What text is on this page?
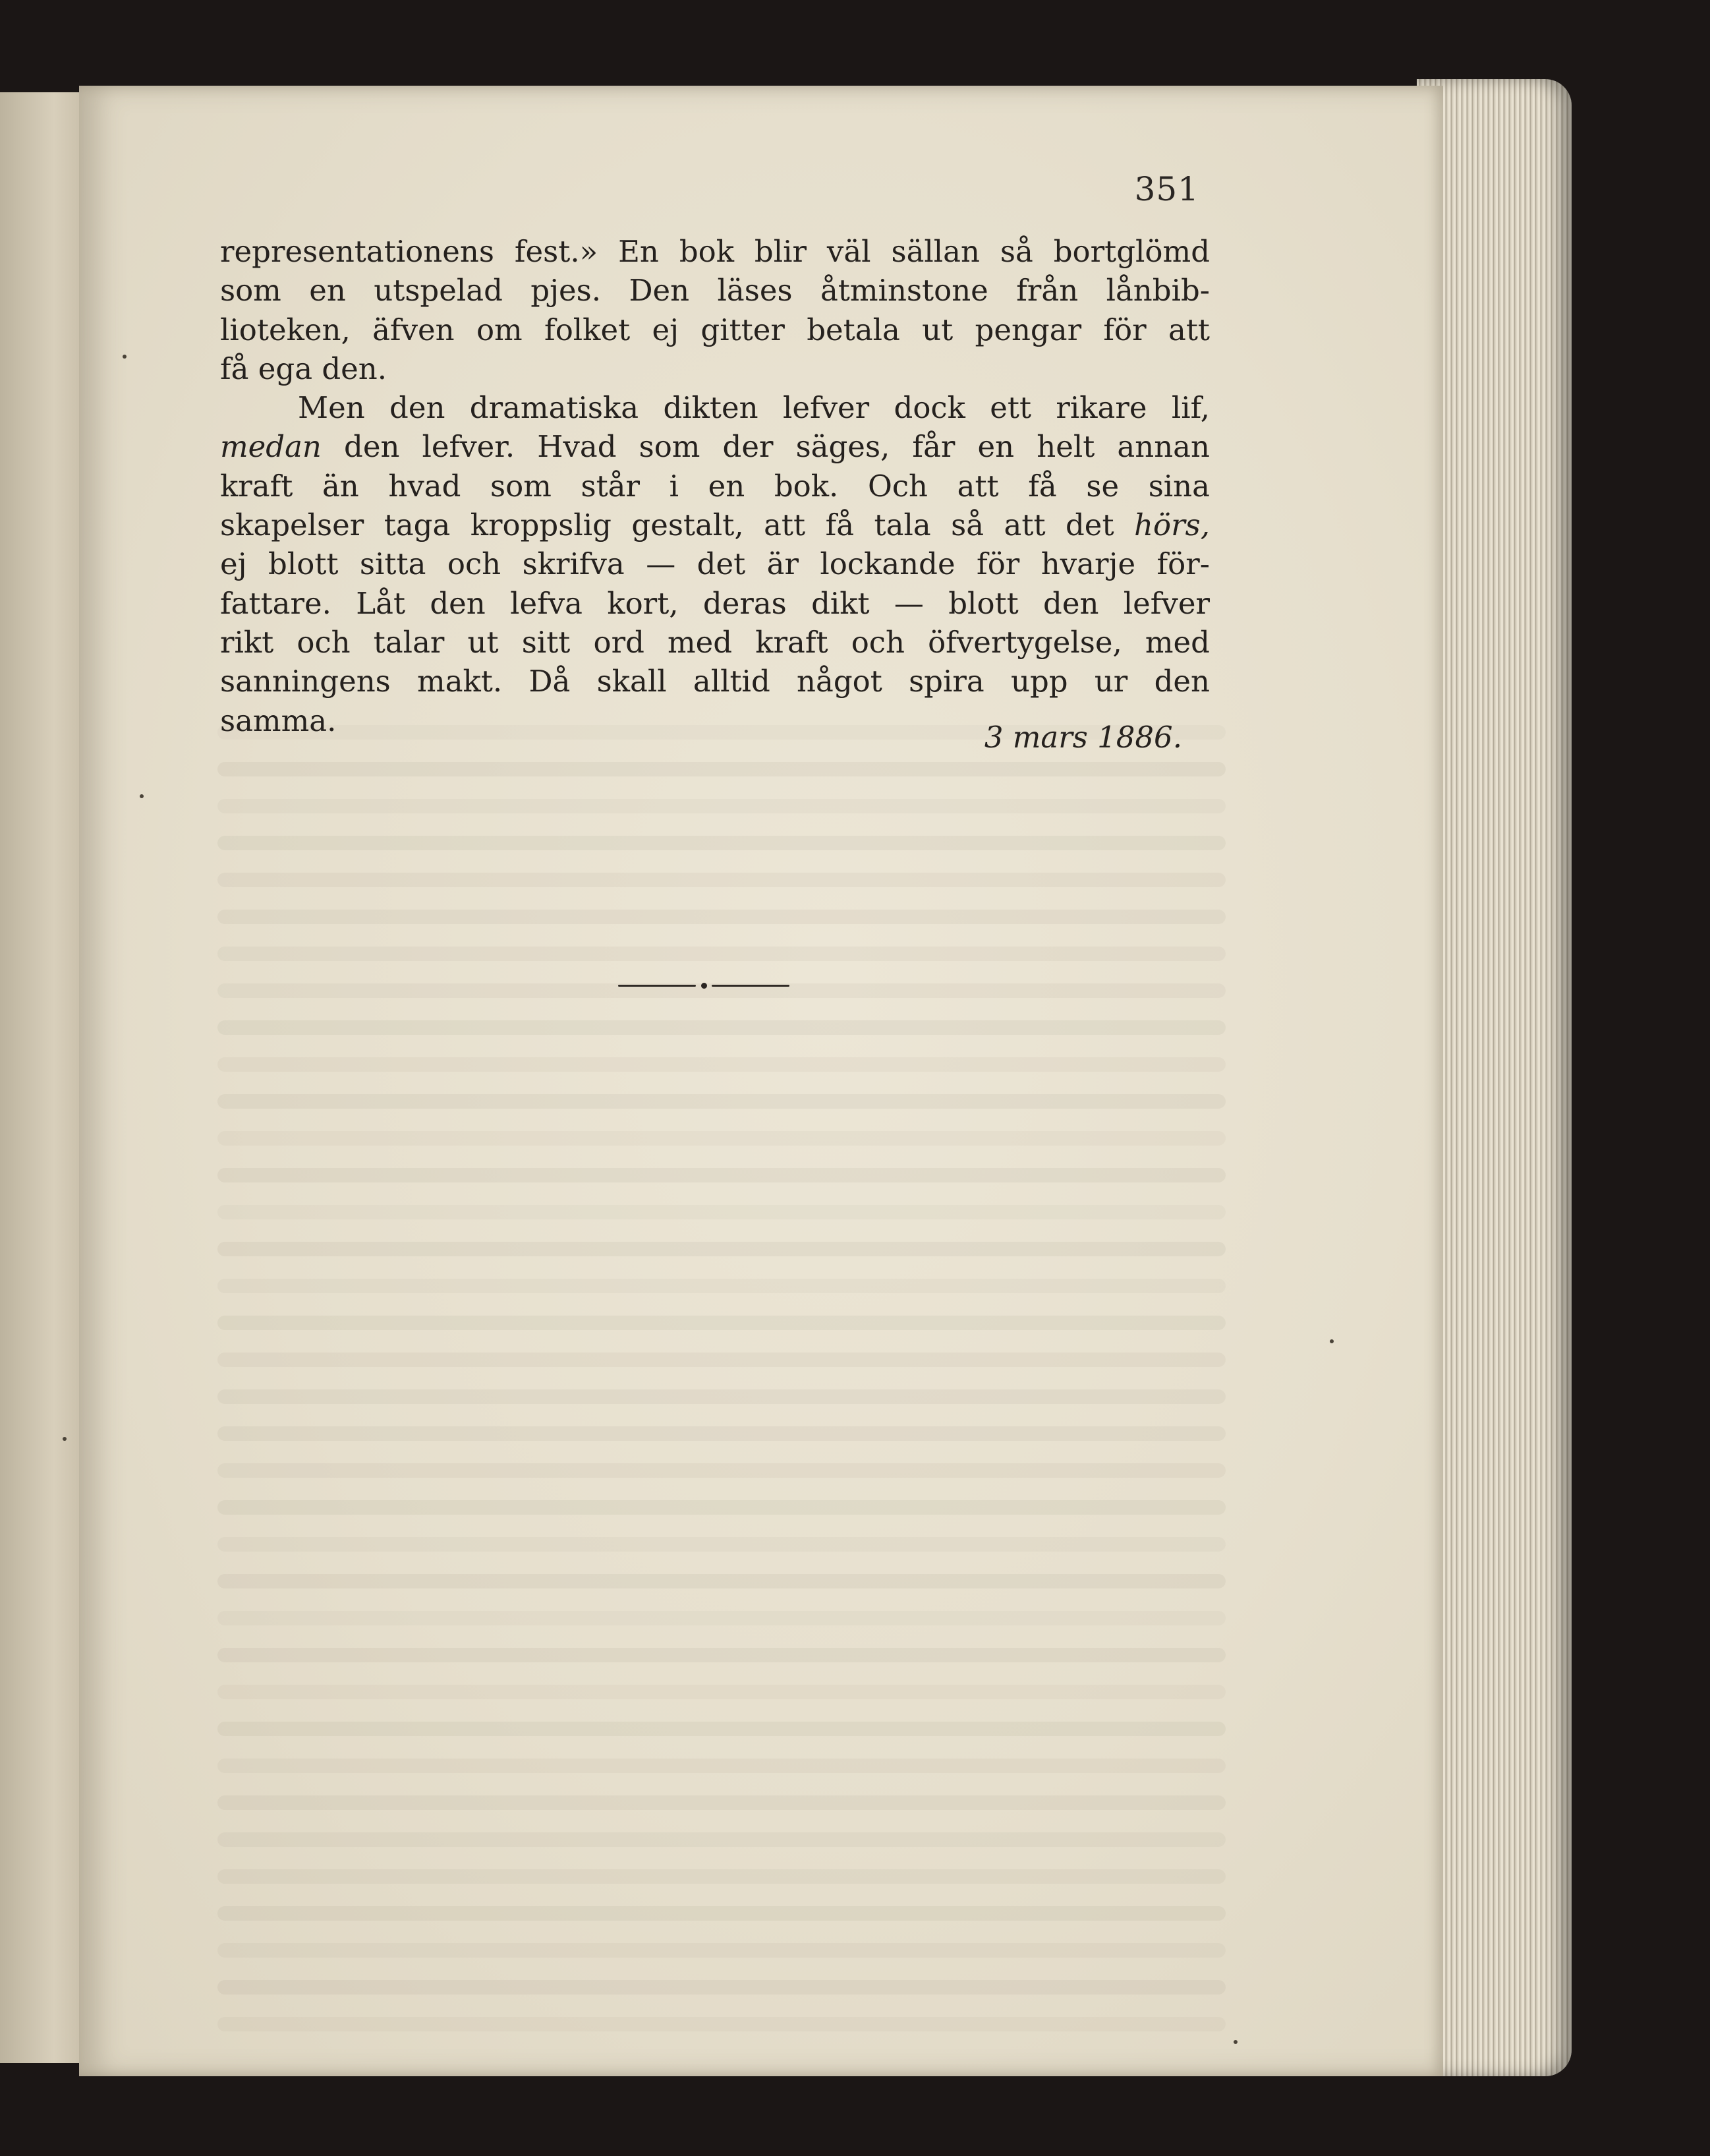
351
representationens fest.» En bok blir väl sällan så bortglömd
som en utspelad pjes. Den läses åtminstone från lånbib-
lioteken, äfven om folket ej gitter betala ut pengar för att
få ega den.
Men den dramatiska dikten lefver dock ett rikare lif,
medan den lefver. Hvad som der säges, får en helt annan
kraft än hvad som står i en bok. Och att få se sina
skapelser taga kroppslig gestalt, att få tala så att det hörs,
ej blott sitta och skrifva — det är lockande för hvarje för-
fattare. Låt den lefva kort, deras dikt — blott den lefver
rikt och talar ut sitt ord med kraft och öfvertygelse, med
sanningens makt. Då skall alltid något spira upp ur den
samma.	3 mars 1886.
